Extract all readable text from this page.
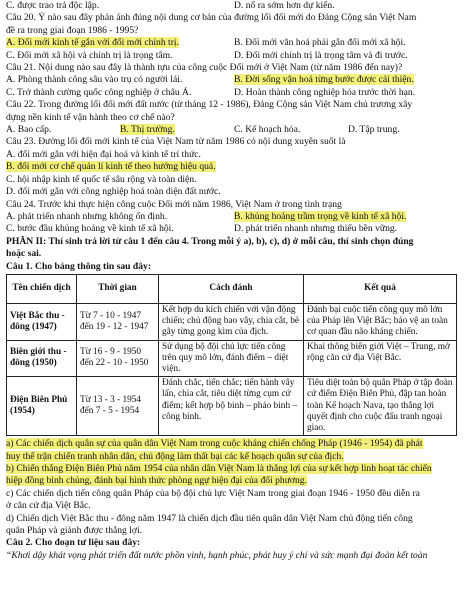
C. được trao trả độc lập.	D. nổ ra sớm hơn dự kiến.
Câu 20. Ý nào sau đây phản ánh đúng nội dung cơ bản của đường lối đổi mới do Đảng Cộng sản Việt Nam
đề ra trong giai đoạn 1986 - 1995?
A. Đổi mới kinh tế gắn với đổi mới chính trị.	B. Đổi mới văn hoá phải gắn đổi mới xã hội.
C. Đổi mới xã hội và chính trị là trọng tâm.	D. Đổi mới chính trị là trọng tâm và đi trước.
Câu 21. Nội dung nào sau đây là thành tựu của công cuộc Đổi mới ở Việt Nam (từ năm 1986 đến nay)?
A. Phòng thành công sâu vào trụ có người lái.	B. Đời sống vận hoá từng bước được cải thiện.
C. Trở thành cường quốc công nghiệp ở châu Á.	D. Hoàn thành công nghiệp hóa trước thời hạn.
Câu 22. Trong đường lối đổi mới đất nước (từ tháng 12 - 1986), Đảng Cộng sản Việt Nam chủ trương xây
dựng nền kinh tế vận hành theo cơ chế nào?
A. Bao cấp.	B. Thị trường.	C. Kế hoạch hóa.	D. Tập trung.
Câu 23. Đường lối đổi mới kinh tế của Việt Nam từ năm 1986 có nội dung xuyên suốt là
A. đổi mới gắn với hiện đại hoá và kinh tế trí thức.
B. đổi mới cơ chế quản lí kinh tế theo hướng hiệu quả.
C. hội nhập kinh tế quốc tế sâu rộng và toàn diện.
D. đổi mới gắn với công nghiệp hoá toàn diện đất nước.
Câu 24. Trước khi thực hiện công cuộc Đổi mới năm 1986, Việt Nam ở trong tình trạng
A. phát triển nhanh nhưng không ổn định.	B. khủng hoảng trầm trọng về kinh tế xã hội.
C. bước đầu khủng hoảng về kinh tế xã hội.	D. phát triển nhanh nhưng thiếu bền vững.
PHẦN II: Thí sinh trả lời từ câu 1 đến câu 4. Trong mỗi ý a), b), c), d) ở mỗi câu, thí sinh chọn đúng
hoặc sai.
Câu 1. Cho bảng thông tin sau đây:
Tên chiến dịch	Thời gian	Cách đánh	Kết quả
Việt Bắc thu - đông (1947)	Từ 7 - 10 - 1947 đến 19 - 12 - 1947	Kết hợp du kích chiến với vận động chiến; chủ động bao vây, chia cắt, bẻ gãy từng gọng kìm của địch.	Đánh bại cuộc tiến công quy mô lớn của Pháp lên Việt Bắc; bảo vệ an toàn cơ quan đầu não kháng chiến.
Biên giới thu - đông (1950)	Từ 16 - 9 - 1950 đến 22 - 10 - 1950	Sử dụng bộ đội chủ lực tiến công trên quy mô lớn, đánh điểm – diệt viện.	Khai thông biên giới Việt – Trung, mở rộng căn cứ địa Việt Bắc.
Điện Biên Phủ (1954)	Từ 13 - 3 - 1954 đến 7 - 5 - 1954	Đánh chắc, tiến chắc; tiến hành vây lấn, chia cắt, tiêu diệt từng cụm cứ điểm; kết hợp bộ binh – pháo binh – công binh.	Tiêu diệt toàn bộ quân Pháp ở tập đoàn cứ điểm Điện Biên Phủ, đập tan hoàn toàn Kế hoạch Nava, tạo thắng lợi quyết định cho cuộc đấu tranh ngoại giao.
a) Các chiến dịch quân sự của quân dân Việt Nam trong cuộc kháng chiến chống Pháp (1946 - 1954) đã phát
huy thế trận chiến tranh nhân dân, chủ động làm thất bại các kế hoạch quân sự của địch.
b) Chiến thắng Điện Biên Phủ năm 1954 của nhân dân Việt Nam là thắng lợi của sự kết hợp linh hoạt tác chiến
hiệp đồng binh chủng, đánh bại hình thức phòng ngự hiện đại của đối phương.
c) Các chiến dịch tiến công quân Pháp của bộ đội chủ lực Việt Nam trong giai đoạn 1946 - 1950 đều diễn ra
ở căn cứ địa Việt Bắc.
d) Chiến dịch Việt Bắc thu - đông năm 1947 là chiến dịch đầu tiên quân dân Việt Nam chủ động tiến công
quân Pháp và giành được thắng lợi.
Câu 2. Cho đoạn tư liệu sau đây:
“Khơi dậy khát vọng phát triển đất nước phồn vinh, hạnh phúc, phát huy ý chí và sức mạnh đại đoàn kết toàn
